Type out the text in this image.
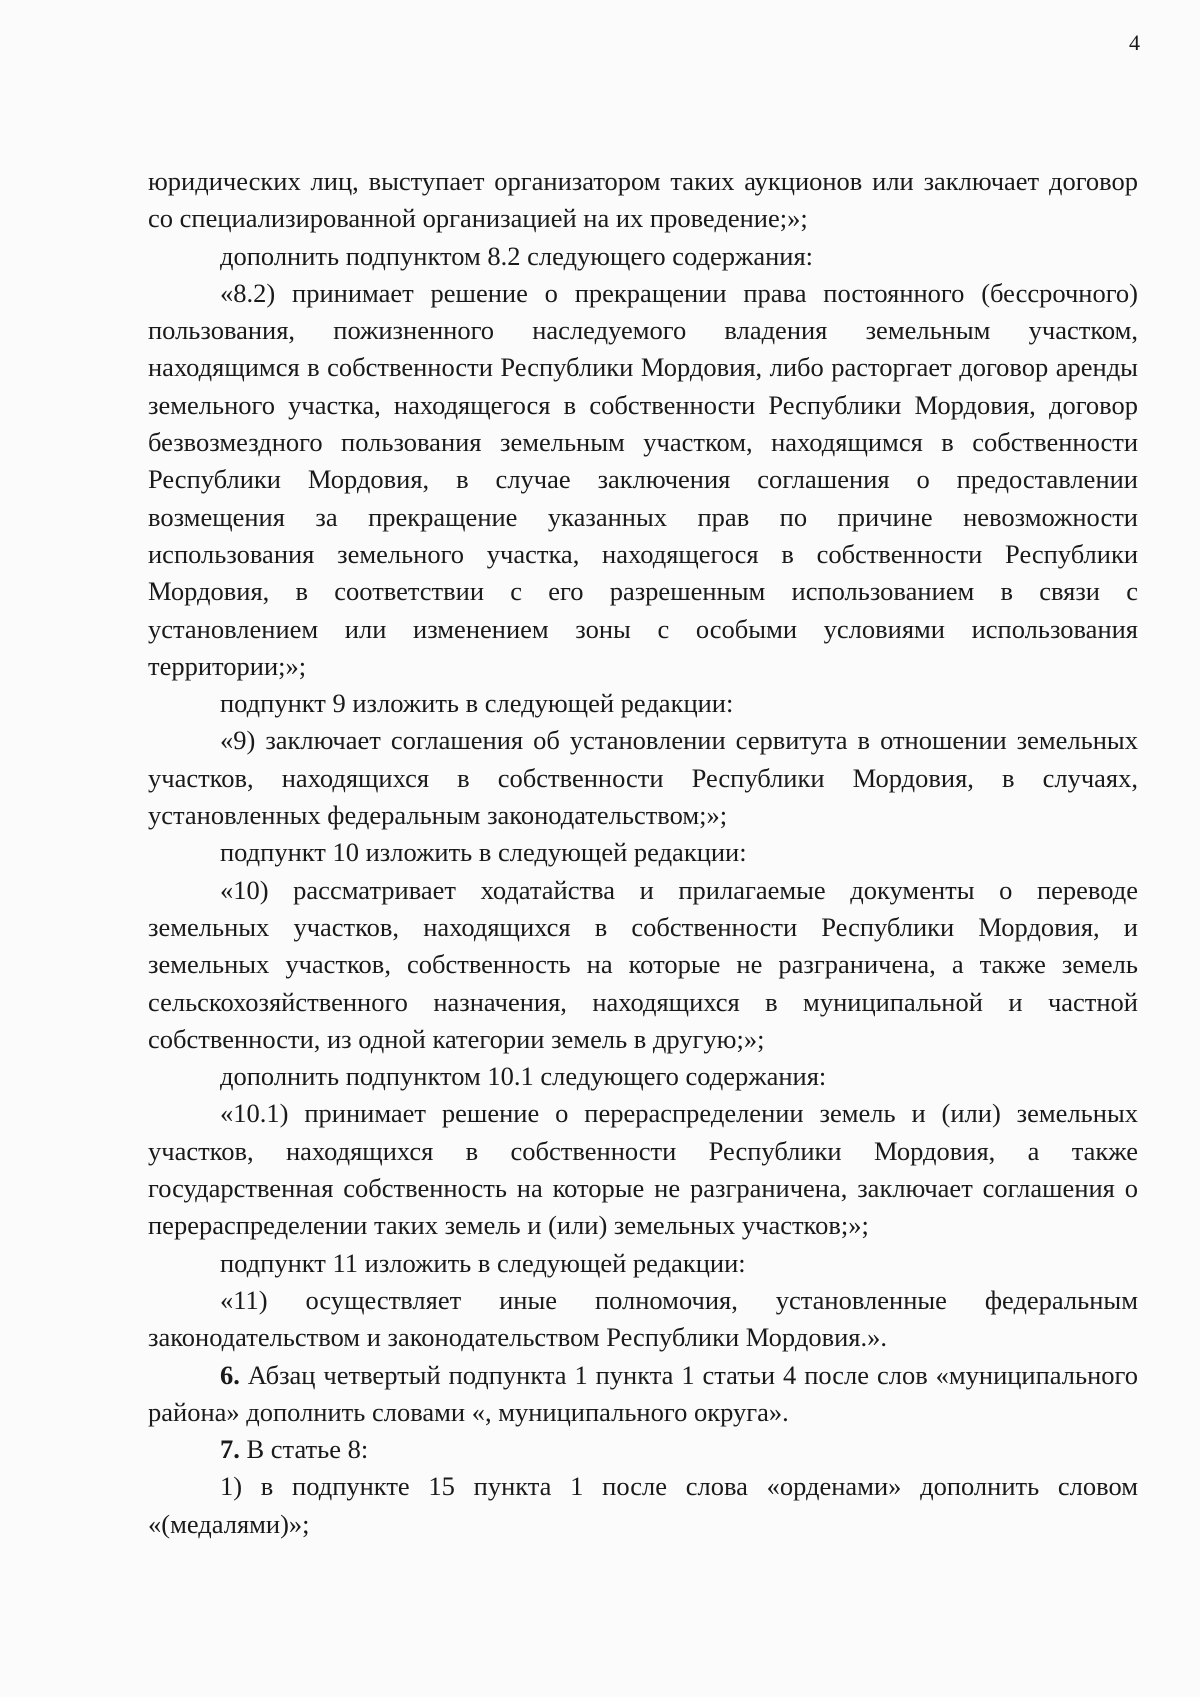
4

юридических лиц, выступает организатором таких аукционов или заключает договор со специализированной организацией на их проведение;»;

дополнить подпунктом 8.2 следующего содержания:

«8.2) принимает решение о прекращении права постоянного (бессрочного) пользования, пожизненного наследуемого владения земельным участком, находящимся в собственности Республики Мордовия, либо расторгает договор аренды земельного участка, находящегося в собственности Республики Мордовия, договор безвозмездного пользования земельным участком, находящимся в собственности Республики Мордовия, в случае заключения соглашения о предоставлении возмещения за прекращение указанных прав по причине невозможности использования земельного участка, находящегося в собственности Республики Мордовия, в соответствии с его разрешенным использованием в связи с установлением или изменением зоны с особыми условиями использования территории;»;

подпункт 9 изложить в следующей редакции:

«9) заключает соглашения об установлении сервитута в отношении земельных участков, находящихся в собственности Республики Мордовия, в случаях, установленных федеральным законодательством;»;

подпункт 10 изложить в следующей редакции:

«10) рассматривает ходатайства и прилагаемые документы о переводе земельных участков, находящихся в собственности Республики Мордовия, и земельных участков, собственность на которые не разграничена, а также земель сельскохозяйственного назначения, находящихся в муниципальной и частной собственности, из одной категории земель в другую;»;

дополнить подпунктом 10.1 следующего содержания:

«10.1) принимает решение о перераспределении земель и (или) земельных участков, находящихся в собственности Республики Мордовия, а также государственная собственность на которые не разграничена, заключает соглашения о перераспределении таких земель и (или) земельных участков;»;

подпункт 11 изложить в следующей редакции:

«11) осуществляет иные полномочия, установленные федеральным законодательством и законодательством Республики Мордовия.».

6. Абзац четвертый подпункта 1 пункта 1 статьи 4 после слов «муниципального района» дополнить словами «, муниципального округа».

7. В статье 8:

1) в подпункте 15 пункта 1 после слова «орденами» дополнить словом «(медалями)»;
